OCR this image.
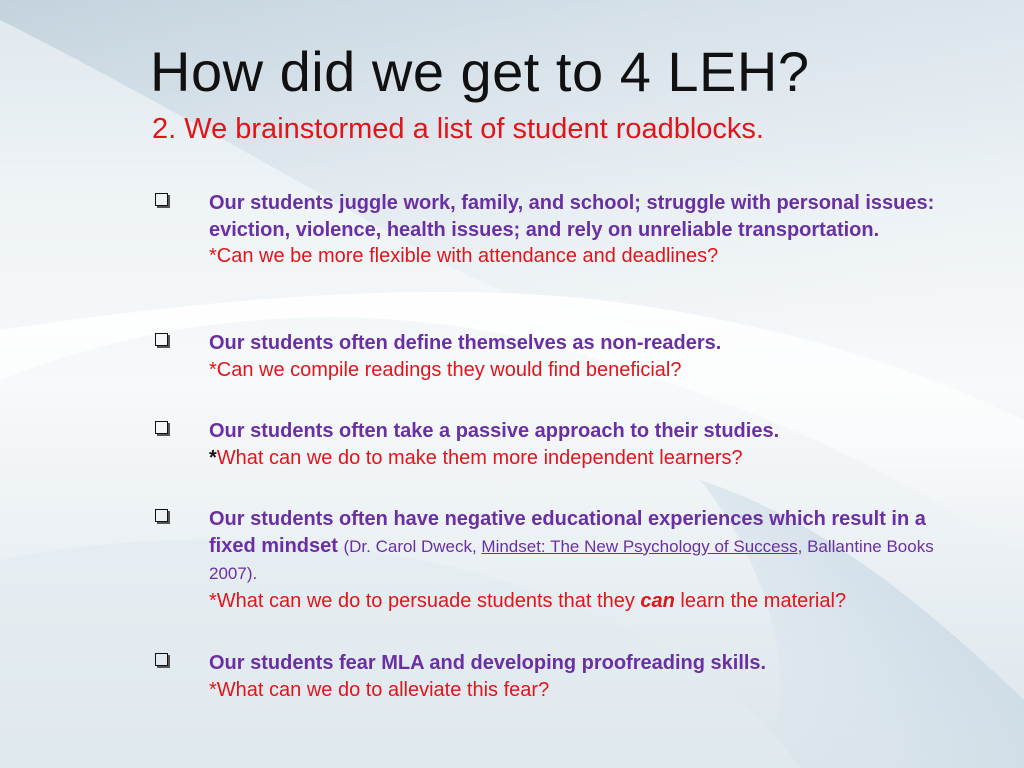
How did we get to 4 LEH?
2. We brainstormed a list of student roadblocks.
Our students juggle work, family, and school; struggle with personal issues: eviction, violence, health issues; and rely on unreliable transportation.
*Can we be more flexible with attendance and deadlines?
Our students often define themselves as non-readers.
*Can we compile readings they would find beneficial?
Our students often take a passive approach to their studies.
*What can we do to make them more independent learners?
Our students often have negative educational experiences which result in a fixed mindset (Dr. Carol Dweck, Mindset: The New Psychology of Success, Ballantine Books 2007).
*What can we do to persuade students that they can learn the material?
Our students fear MLA and developing proofreading skills.
*What can we do to alleviate this fear?
